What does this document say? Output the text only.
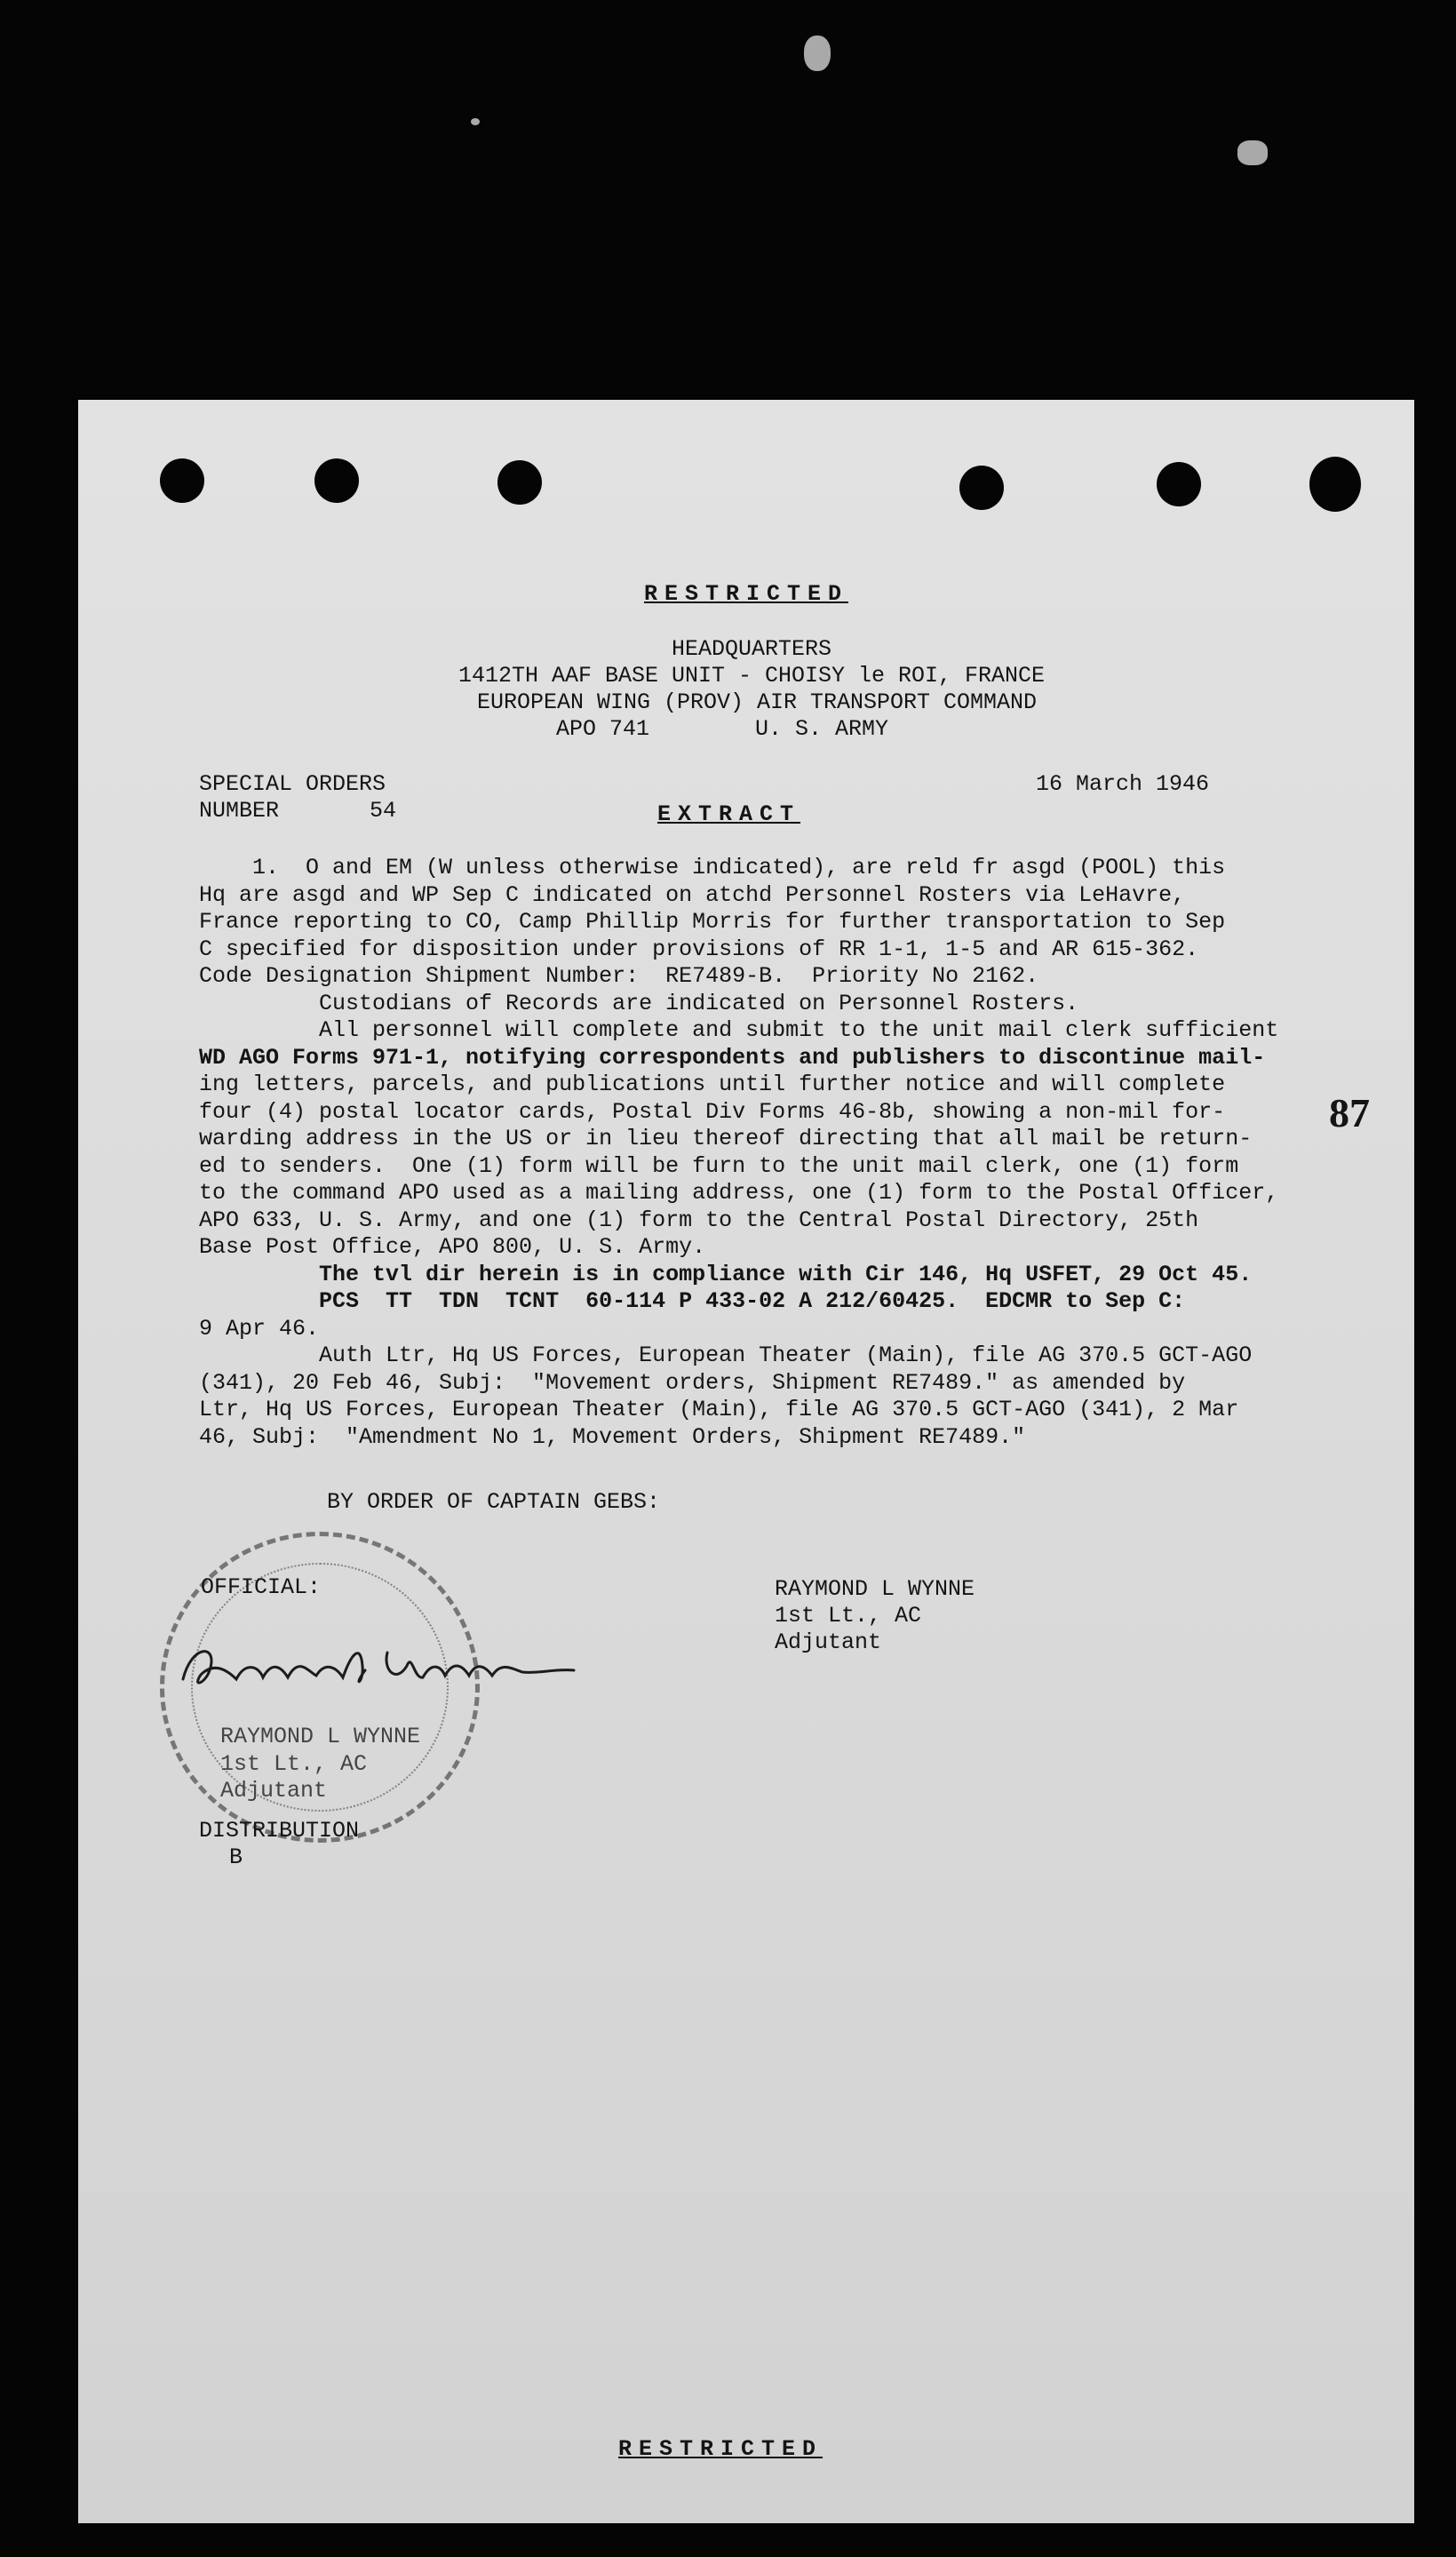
RESTRICTED
HEADQUARTERS
1412TH AAF BASE UNIT - CHOISY le ROI, FRANCE
EUROPEAN WING (PROV) AIR TRANSPORT COMMAND
APO 741	U. S. ARMY
SPECIAL ORDERS
NUMBER	54
16 March 1946
EXTRACT
1.  O and EM (W unless otherwise indicated), are reld fr asgd (POOL) this
Hq are asgd and WP Sep C indicated on atchd Personnel Rosters via LeHavre,
France reporting to CO, Camp Phillip Morris for further transportation to Sep
C specified for disposition under provisions of RR 1-1, 1-5 and AR 615-362.
Code Designation Shipment Number:  RE7489-B.  Priority No 2162.
Custodians of Records are indicated on Personnel Rosters.
All personnel will complete and submit to the unit mail clerk sufficient
WD AGO Forms 971-1, notifying correspondents and publishers to discontinue mail-
ing letters, parcels, and publications until further notice and will complete
four (4) postal locator cards, Postal Div Forms 46-8b, showing a non-mil for-
warding address in the US or in lieu thereof directing that all mail be return-
ed to senders.  One (1) form will be furn to the unit mail clerk, one (1) form
to the command APO used as a mailing address, one (1) form to the Postal Officer,
APO 633, U. S. Army, and one (1) form to the Central Postal Directory, 25th
Base Post Office, APO 800, U. S. Army.
The tvl dir herein is in compliance with Cir 146, Hq USFET, 29 Oct 45.
PCS  TT  TDN  TCNT  60-114 P 433-02 A 212/60425.  EDCMR to Sep C:
9 Apr 46.
Auth Ltr, Hq US Forces, European Theater (Main), file AG 370.5 GCT-AGO
(341), 20 Feb 46, Subj:  "Movement orders, Shipment RE7489." as amended by
Ltr, Hq US Forces, European Theater (Main), file AG 370.5 GCT-AGO (341), 2 Mar
46, Subj:  "Amendment No 1, Movement Orders, Shipment RE7489."
87
BY ORDER OF CAPTAIN GEBS:
OFFICIAL:
RAYMOND L WYNNE
1st Lt., AC
Adjutant
RAYMOND L WYNNE
1st Lt., AC
Adjutant
DISTRIBUTION
B
RESTRICTED
